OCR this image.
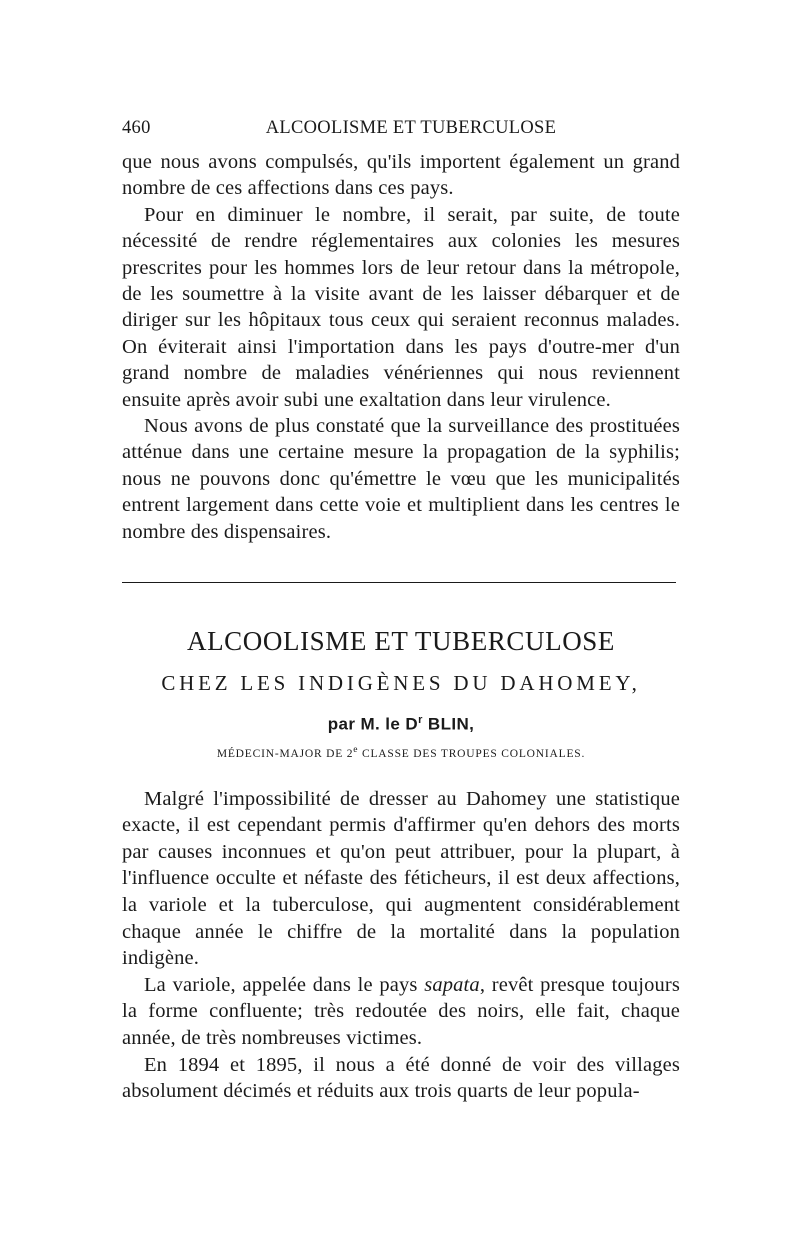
460	ALCOOLISME ET TUBERCULOSE

que nous avons compulsés, qu'ils importent également un grand nombre de ces affections dans ces pays.

Pour en diminuer le nombre, il serait, par suite, de toute nécessité de rendre réglementaires aux colonies les mesures prescrites pour les hommes lors de leur retour dans la métropole, de les soumettre à la visite avant de les laisser débarquer et de diriger sur les hôpitaux tous ceux qui seraient reconnus malades. On éviterait ainsi l'importation dans les pays d'outre-mer d'un grand nombre de maladies vénériennes qui nous reviennent ensuite après avoir subi une exaltation dans leur virulence.

Nous avons de plus constaté que la surveillance des prostituées atténue dans une certaine mesure la propagation de la syphilis; nous ne pouvons donc qu'émettre le vœu que les municipalités entrent largement dans cette voie et multiplient dans les centres le nombre des dispensaires.

ALCOOLISME ET TUBERCULOSE
CHEZ LES INDIGÈNES DU DAHOMEY,
par M. le $D^r$ BLIN,
MÉDECIN-MAJOR DE 2e CLASSE DES TROUPES COLONIALES.

Malgré l'impossibilité de dresser au Dahomey une statistique exacte, il est cependant permis d'affirmer qu'en dehors des morts par causes inconnues et qu'on peut attribuer, pour la plupart, à l'influence occulte et néfaste des féticheurs, il est deux affections, la variole et la tuberculose, qui augmentent considérablement chaque année le chiffre de la mortalité dans la population indigène.

La variole, appelée dans le pays sapata, revêt presque toujours la forme confluente; très redoutée des noirs, elle fait, chaque année, de très nombreuses victimes.

En 1894 et 1895, il nous a été donné de voir des villages absolument décimés et réduits aux trois quarts de leur popula-
